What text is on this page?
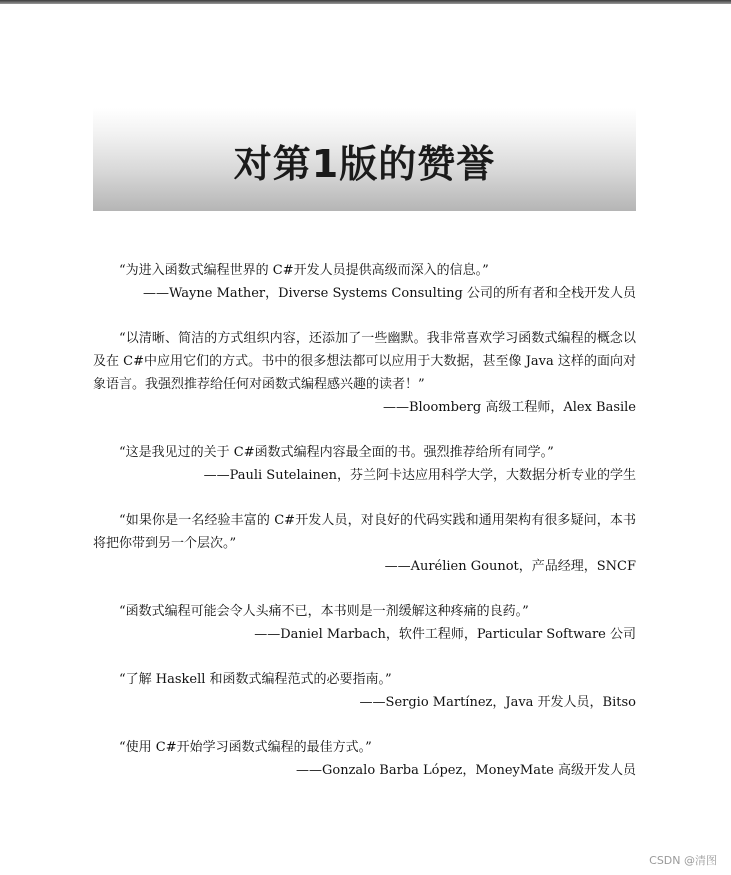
对第1版的赞誉

“为进入函数式编程世界的 C#开发人员提供高级而深入的信息。”

——Wayne Mather，Diverse Systems Consulting 公司的所有者和全栈开发人员

“以清晰、简洁的方式组织内容，还添加了一些幽默。我非常喜欢学习函数式编程的概念以及在 C#中应用它们的方式。书中的很多想法都可以应用于大数据，甚至像 Java 这样的面向对象语言。我强烈推荐给任何对函数式编程感兴趣的读者！”

——Bloomberg 高级工程师，Alex Basile

“这是我见过的关于 C#函数式编程内容最全面的书。强烈推荐给所有同学。”

——Pauli Sutelainen，芬兰阿卡达应用科学大学，大数据分析专业的学生

“如果你是一名经验丰富的 C#开发人员，对良好的代码实践和通用架构有很多疑问，本书将把你带到另一个层次。”

——Aurélien Gounot，产品经理，SNCF

“函数式编程可能会令人头痛不已，本书则是一剂缓解这种疼痛的良药。”

——Daniel Marbach，软件工程师，Particular Software 公司

“了解 Haskell 和函数式编程范式的必要指南。”

——Sergio Martínez，Java 开发人员，Bitso

“使用 C#开始学习函数式编程的最佳方式。”

——Gonzalo Barba López，MoneyMate 高级开发人员

CSDN @清图
